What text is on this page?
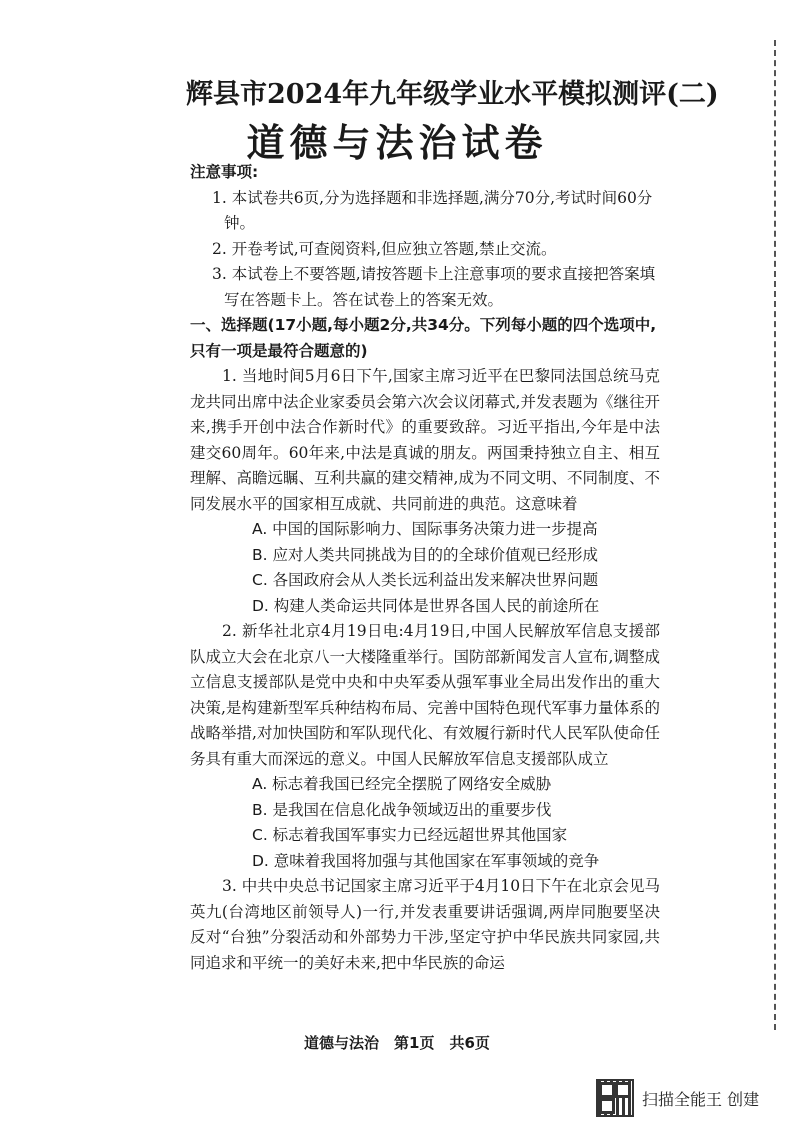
辉县市2024年九年级学业水平模拟测评(二)
道德与法治试卷
注意事项:
1. 本试卷共6页,分为选择题和非选择题,满分70分,考试时间60分钟。
2. 开卷考试,可查阅资料,但应独立答题,禁止交流。
3. 本试卷上不要答题,请按答题卡上注意事项的要求直接把答案填写在答题卡上。答在试卷上的答案无效。
一、选择题(17小题,每小题2分,共34分。下列每小题的四个选项中,只有一项是最符合题意的)
1. 当地时间5月6日下午,国家主席习近平在巴黎同法国总统马克龙共同出席中法企业家委员会第六次会议闭幕式,并发表题为《继往开来,携手开创中法合作新时代》的重要致辞。习近平指出,今年是中法建交60周年。60年来,中法是真诚的朋友。两国秉持独立自主、相互理解、高瞻远瞩、互利共赢的建交精神,成为不同文明、不同制度、不同发展水平的国家相互成就、共同前进的典范。这意味着
A. 中国的国际影响力、国际事务决策力进一步提高
B. 应对人类共同挑战为目的的全球价值观已经形成
C. 各国政府会从人类长远利益出发来解决世界问题
D. 构建人类命运共同体是世界各国人民的前途所在
2. 新华社北京4月19日电:4月19日,中国人民解放军信息支援部队成立大会在北京八一大楼隆重举行。国防部新闻发言人宣布,调整成立信息支援部队是党中央和中央军委从强军事业全局出发作出的重大决策,是构建新型军兵种结构布局、完善中国特色现代军事力量体系的战略举措,对加快国防和军队现代化、有效履行新时代人民军队使命任务具有重大而深远的意义。中国人民解放军信息支援部队成立
A. 标志着我国已经完全摆脱了网络安全威胁
B. 是我国在信息化战争领域迈出的重要步伐
C. 标志着我国军事实力已经远超世界其他国家
D. 意味着我国将加强与其他国家在军事领域的竞争
3. 中共中央总书记国家主席习近平于4月10日下午在北京会见马英九(台湾地区前领导人)一行,并发表重要讲话强调,两岸同胞要坚决反对“台独”分裂活动和外部势力干涉,坚定守护中华民族共同家园,共同追求和平统一的美好未来,把中华民族的命运
道德与法治　第1页　共6页
扫描全能王 创建
